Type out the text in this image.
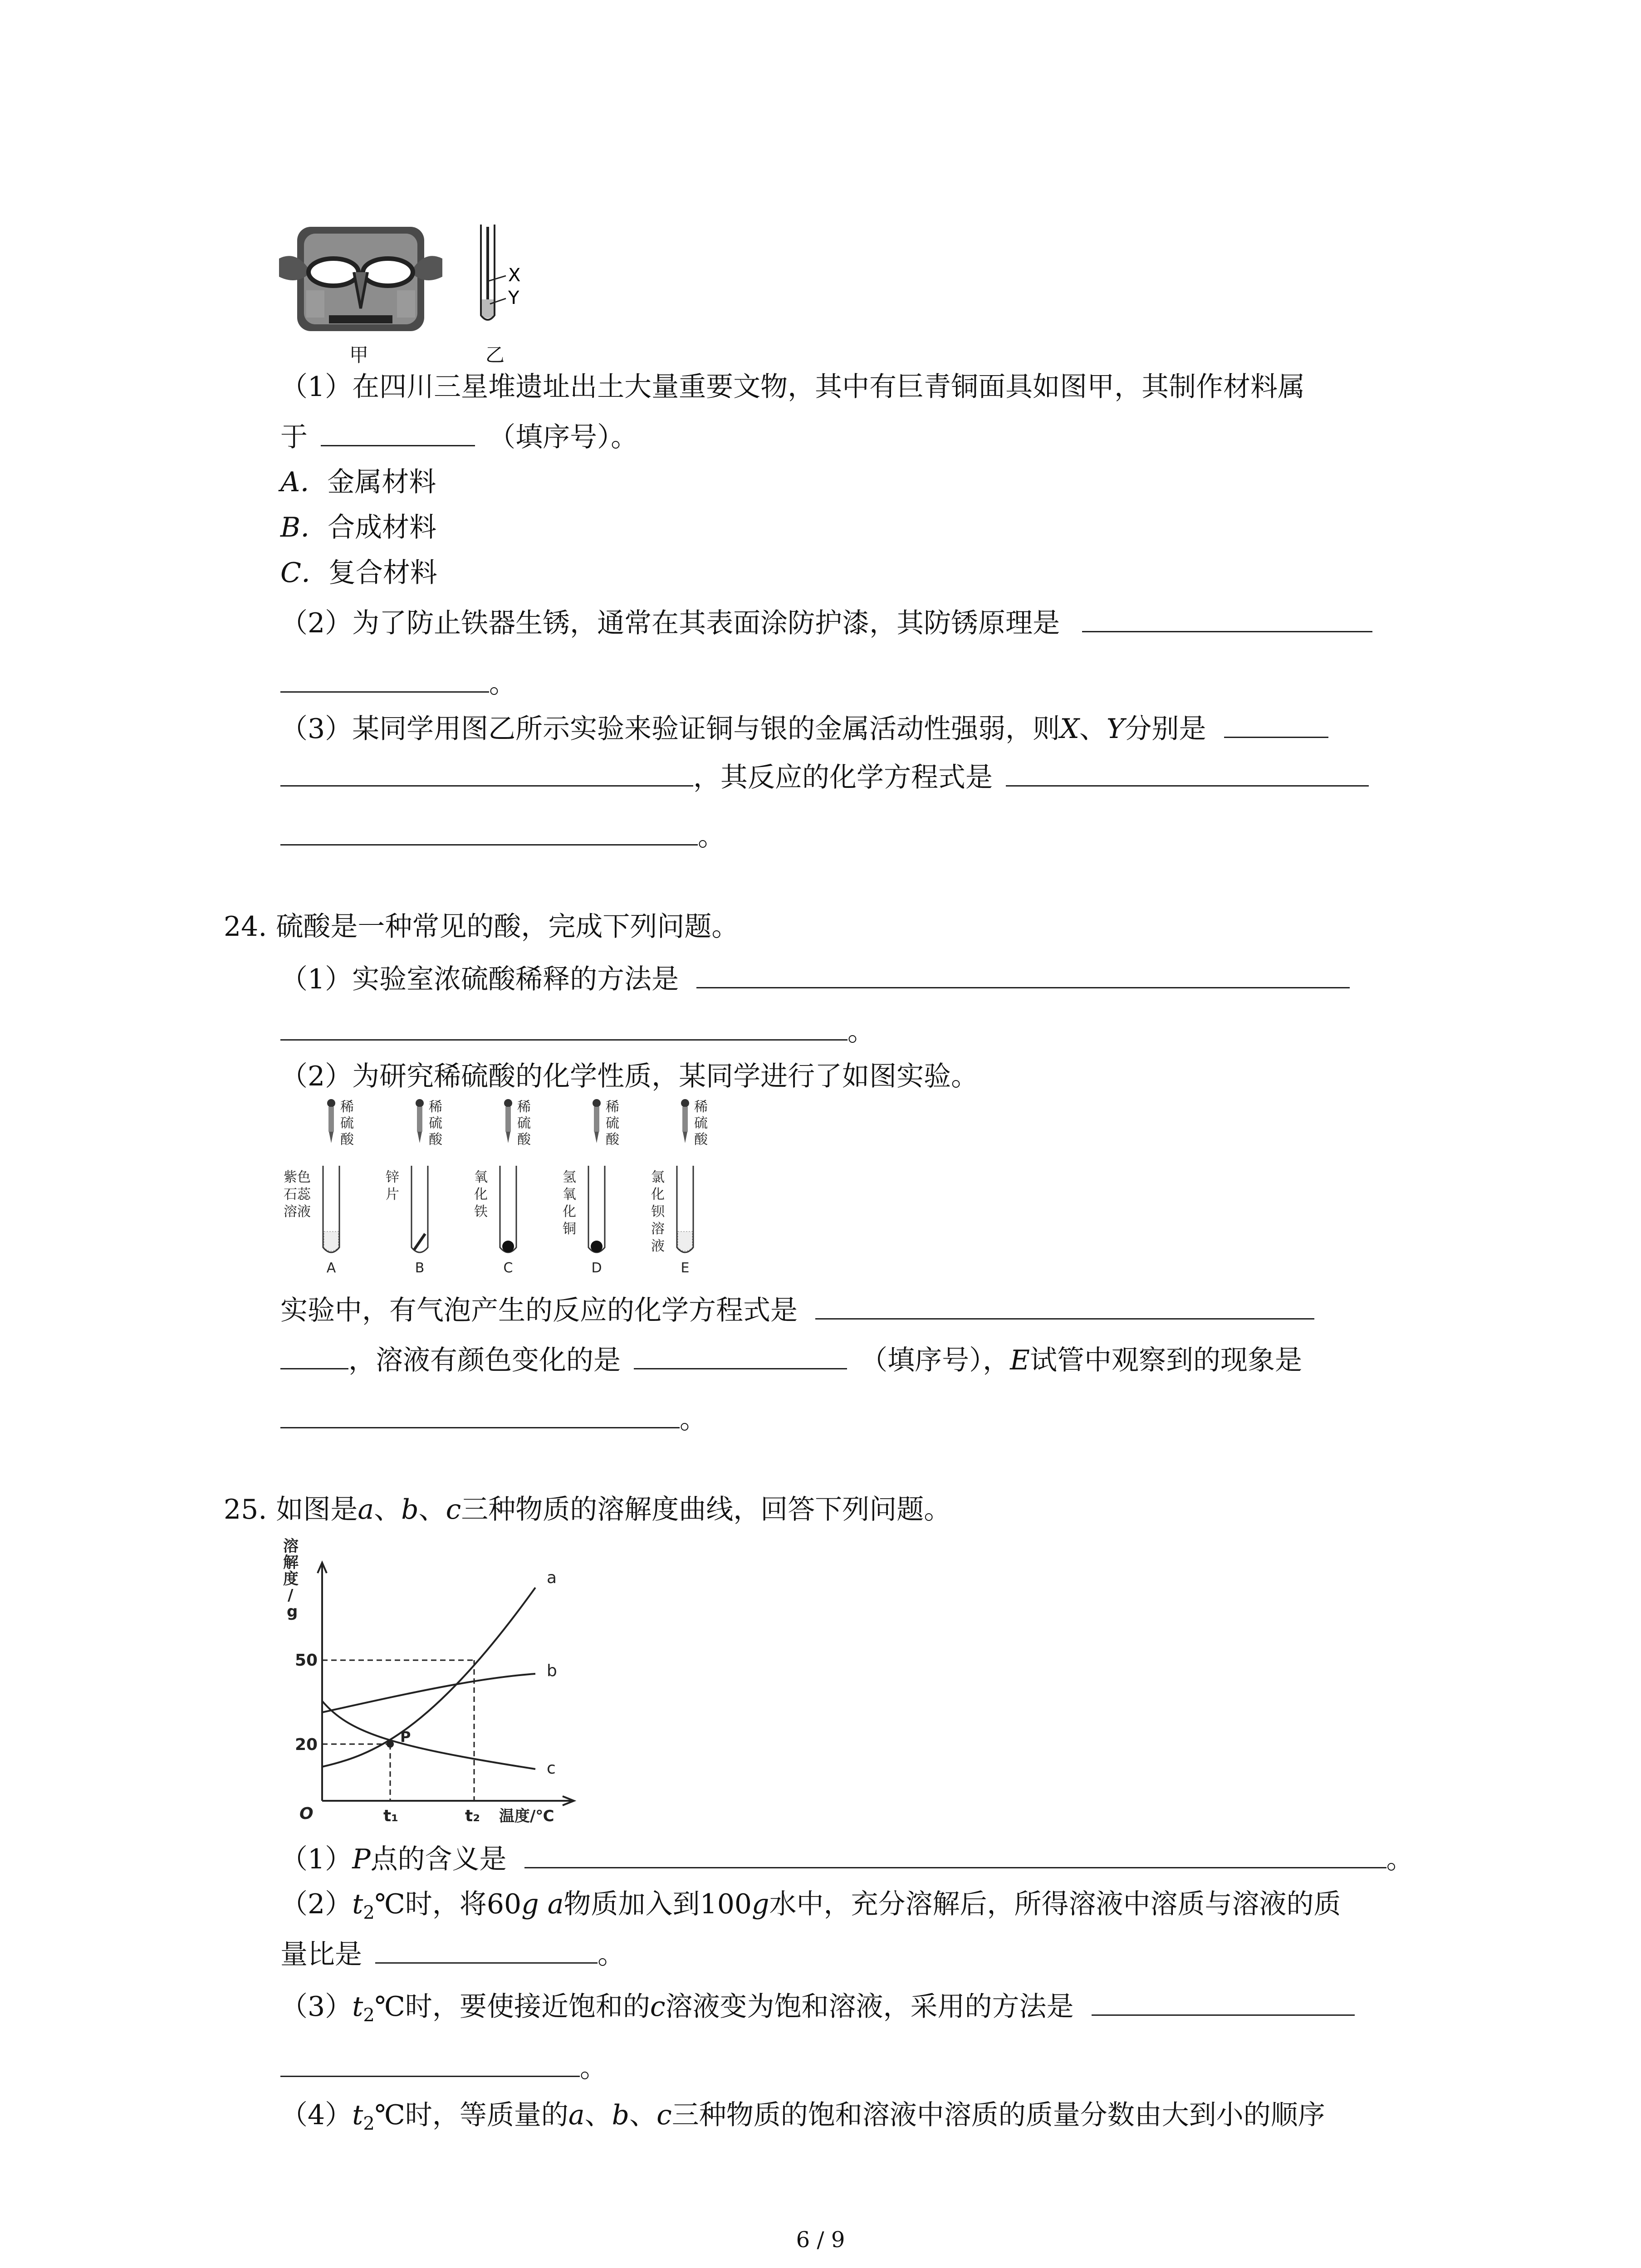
X
Y
甲	乙
（1）在四川三星堆遗址出土大量重要文物，其中有巨青铜面具如图甲，其制作材料属
于	（填序号）。
A．金属材料
B．合成材料
C．复合材料
（2）为了防止铁器生锈，通常在其表面涂防护漆，其防锈原理是
。
（3）某同学用图乙所示实验来验证铜与银的金属活动性强弱，则X、Y分别是
，其反应的化学方程式是
。
24. 硫酸是一种常见的酸，完成下列问题。
（1）实验室浓硫酸稀释的方法是
。
（2）为研究稀硫酸的化学性质，某同学进行了如图实验。
稀
硫
酸
稀
硫
酸
稀
硫
酸
稀
硫
酸
稀
硫
酸
紫色
石蕊
溶液
A
锌
片
B
氧
化
铁
C
氢
氧
化
铜
D
氯
化
钡
溶
液
E
实验中，有气泡产生的反应的化学方程式是
，溶液有颜色变化的是	（填序号），E试管中观察到的现象是
。
25. 如图是a、b、c三种物质的溶解度曲线，回答下列问题。
溶
解
度
/
g
50
20
O	t₁	t₂ 温度/℃
P
a
b
c
（1）P点的含义是	。
$(2)t_2℃$时，将60g a物质加入到100g水中，充分溶解后，所得溶液中溶质与溶液的质
量比是	。
$(3)t_2℃$时，要使接近饱和的c溶液变为饱和溶液，采用的方法是
。
$(4)t_2℃$时，等质量的a、b、c三种物质的饱和溶液中溶质的质量分数由大到小的顺序
6 / 9
